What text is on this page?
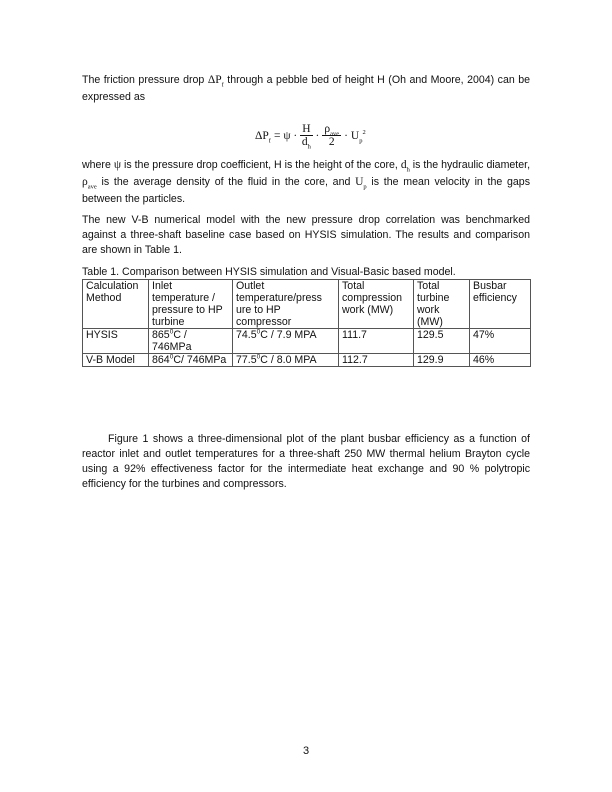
The friction pressure drop $\Delta P_f$ through a pebble bed of height H (Oh and Moore, 2004) can be expressed as
$\Delta P_f = \psi \cdot \frac{H}{d_h} \cdot \frac{\rho_{ave}}{2} \cdot U_p^2$
where ψ is the pressure drop coefficient, H is the height of the core, $d_h$ is the hydraulic diameter, $\rho_{ave}$ is the average density of the fluid in the core, and $U_p$ is the mean velocity in the gaps between the particles.
The new V-B numerical model with the new pressure drop correlation was benchmarked against a three-shaft baseline case based on HYSIS simulation. The results and comparison are shown in Table 1.
Table 1. Comparison between HYSIS simulation and Visual-Basic based model.
Calculation Method	Inlet temperature / pressure to HP turbine	Outlet temperature/press ure to HP compressor	Total compression work (MW)	Total turbine work (MW)	Busbar efficiency
HYSIS	$865^0C / 746MPa$	74.5$^0$C / 7.9 MPA	111.7	129.5	47%
V-B Model	$864^0C/$ 746MPa	77.5$^0$C / 8.0 MPA	112.7	129.9	46%
Figure 1 shows a three-dimensional plot of the plant busbar efficiency as a function of reactor inlet and outlet temperatures for a three-shaft 250 MW thermal helium Brayton cycle using a 92% effectiveness factor for the intermediate heat exchange and 90 % polytropic efficiency for the turbines and compressors.
3
